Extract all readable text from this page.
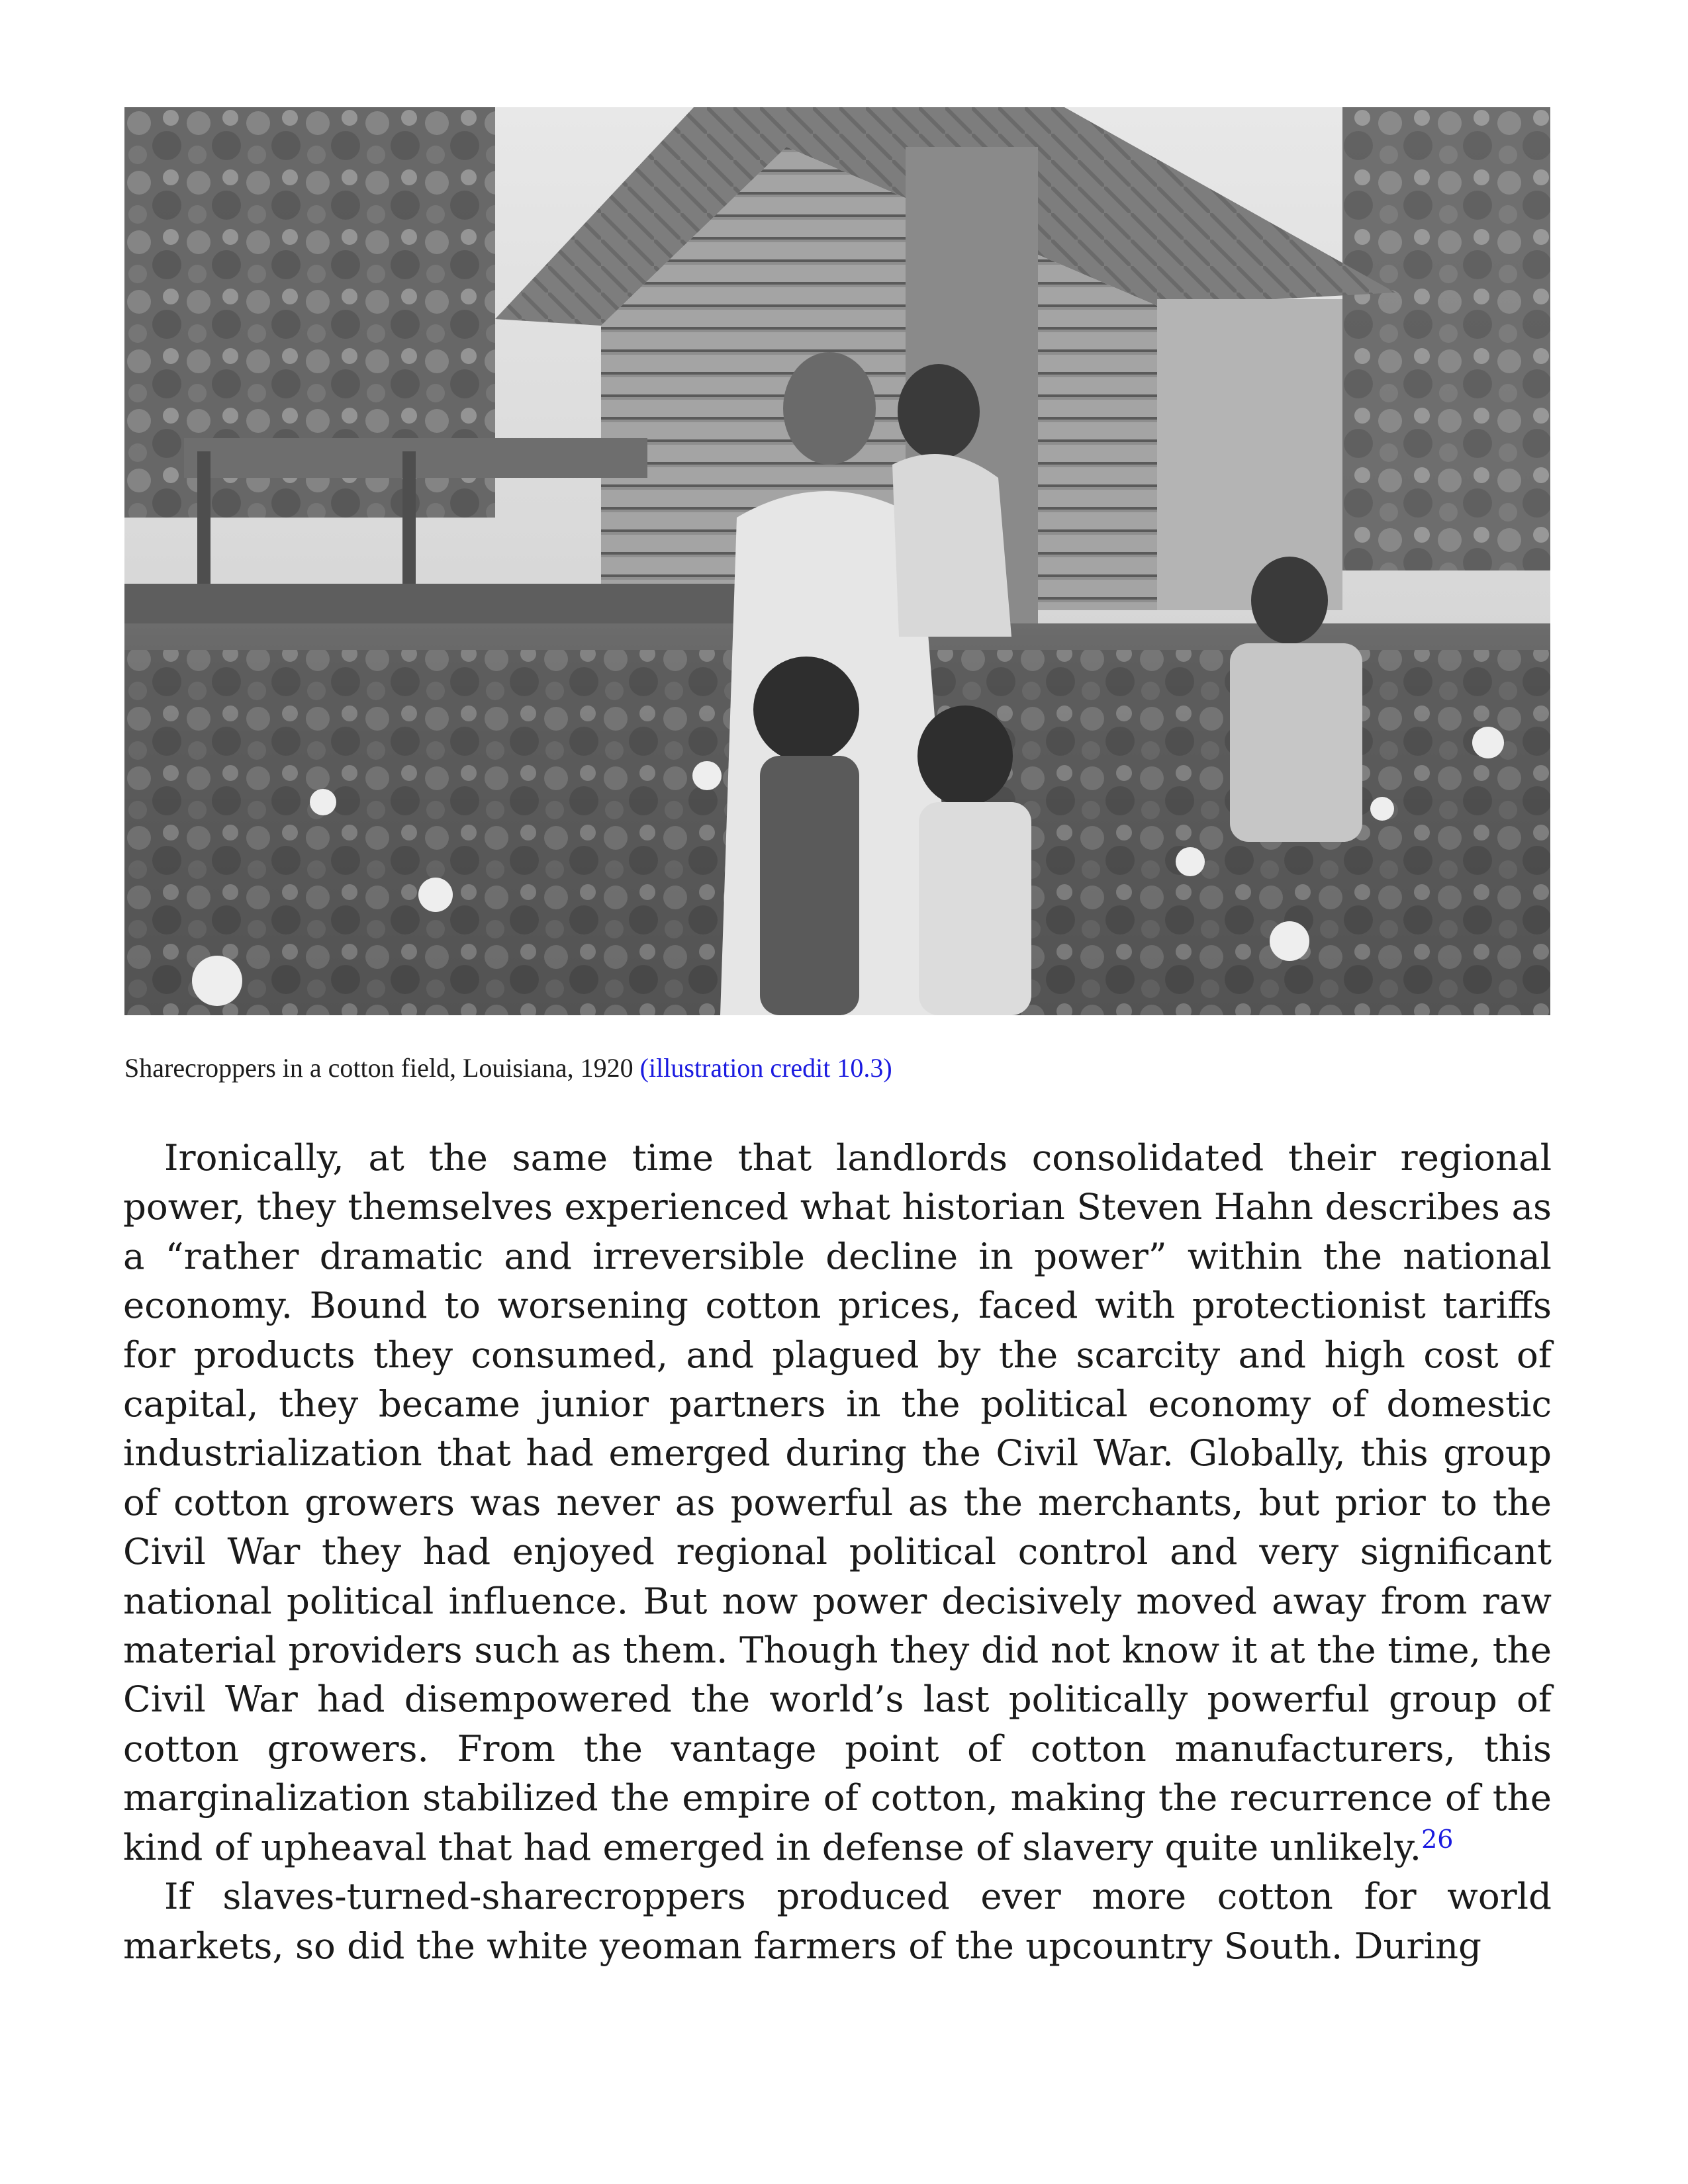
Sharecroppers in a cotton field, Louisiana, 1920 (illustration credit 10.3)

Ironically, at the same time that landlords consolidated their regional power, they themselves experienced what historian Steven Hahn describes as a “rather dramatic and irreversible decline in power” within the national economy. Bound to worsening cotton prices, faced with protectionist tariffs for products they consumed, and plagued by the scarcity and high cost of capital, they became junior partners in the political economy of domestic industrialization that had emerged during the Civil War. Globally, this group of cotton growers was never as powerful as the merchants, but prior to the Civil War they had enjoyed regional political control and very significant national political influence. But now power decisively moved away from raw material providers such as them. Though they did not know it at the time, the Civil War had disempowered the world’s last politically powerful group of cotton growers. From the vantage point of cotton manufacturers, this marginalization stabilized the empire of cotton, making the recurrence of the kind of upheaval that had emerged in defense of slavery quite unlikely.$^{26}$

If slaves-turned-sharecroppers produced ever more cotton for world markets, so did the white yeoman farmers of the upcountry South. During
